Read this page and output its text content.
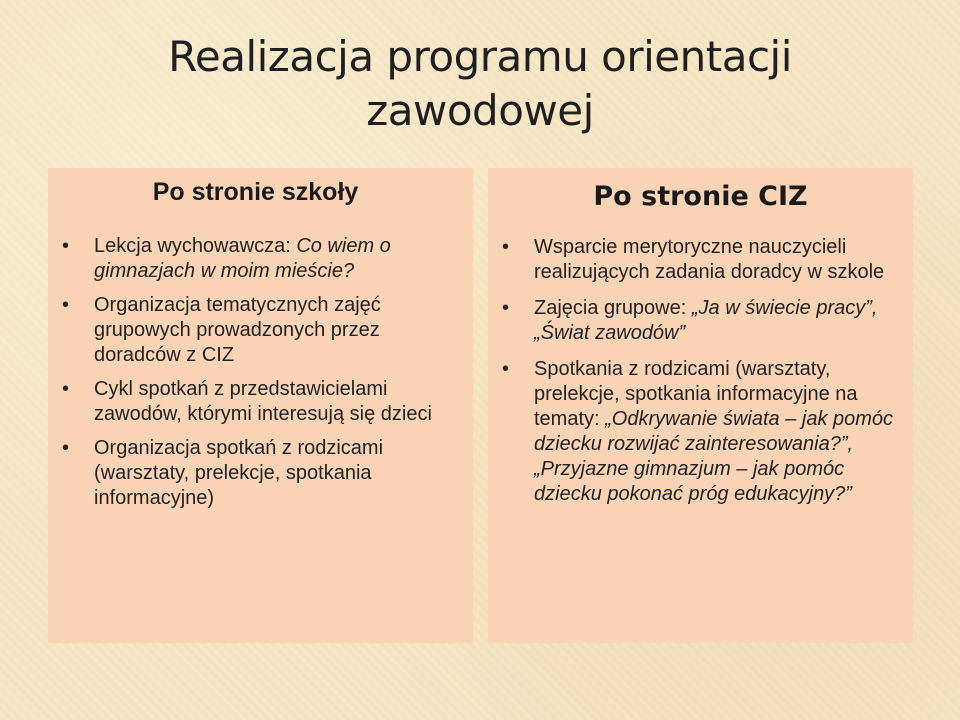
Realizacja programu orientacji
zawodowej
Po stronie szkoły
• Lekcja wychowawcza: Co wiem o gimnazjach w moim mieście?
• Organizacja tematycznych zajęć grupowych prowadzonych przez doradców z CIZ
• Cykl spotkań z przedstawicielami zawodów, którymi interesują się dzieci
• Organizacja spotkań z rodzicami (warsztaty, prelekcje, spotkania informacyjne)
Po stronie CIZ
• Wsparcie merytoryczne nauczycieli realizujących zadania doradcy w szkole
• Zajęcia grupowe: „Ja w świecie pracy”, „Świat zawodów”
• Spotkania z rodzicami (warsztaty, prelekcje, spotkania informacyjne na tematy: „Odkrywanie świata – jak pomóc dziecku rozwijać zainteresowania?”, „Przyjazne gimnazjum – jak pomóc dziecku pokonać próg edukacyjny?”
